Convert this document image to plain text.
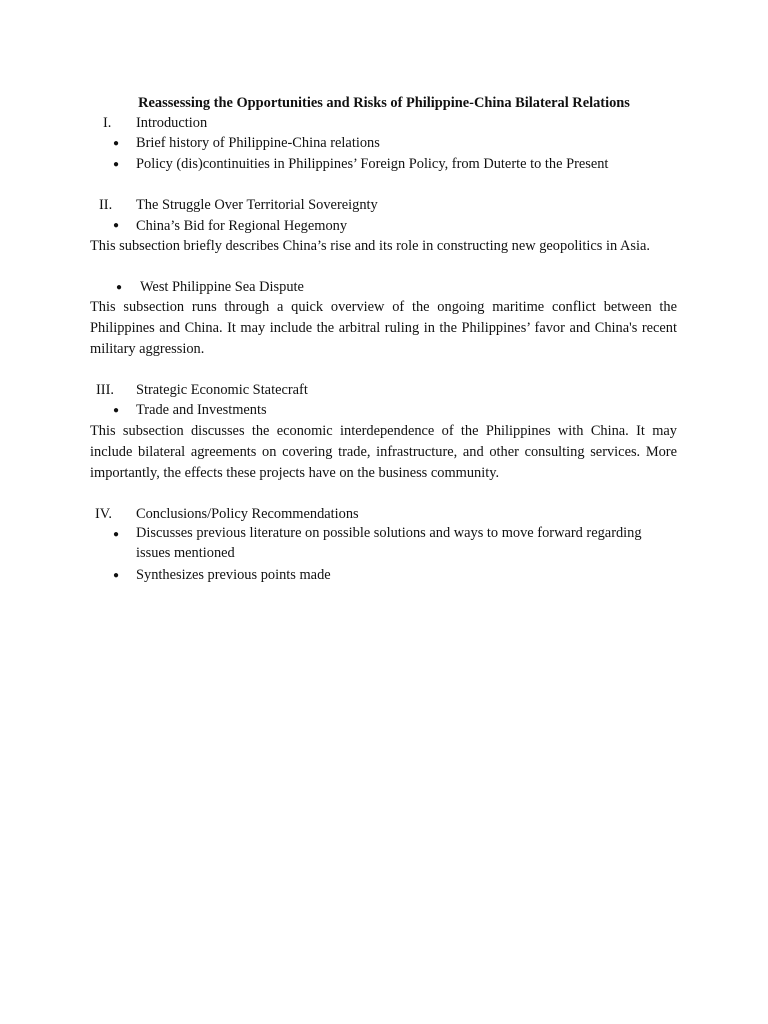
Reassessing the Opportunities and Risks of Philippine-China Bilateral Relations
I. Introduction
● Brief history of Philippine-China relations
● Policy (dis)continuities in Philippines’ Foreign Policy, from Duterte to the Present
II. The Struggle Over Territorial Sovereignty
● China’s Bid for Regional Hegemony
This subsection briefly describes China’s rise and its role in constructing new geopolitics in Asia.
● West Philippine Sea Dispute
This subsection runs through a quick overview of the ongoing maritime conflict between the Philippines and China. It may include the arbitral ruling in the Philippines’ favor and China's recent military aggression.
III. Strategic Economic Statecraft
● Trade and Investments
This subsection discusses the economic interdependence of the Philippines with China. It may include bilateral agreements on covering trade, infrastructure, and other consulting services. More importantly, the effects these projects have on the business community.
IV. Conclusions/Policy Recommendations
● Discusses previous literature on possible solutions and ways to move forward regarding issues mentioned
● Synthesizes previous points made
